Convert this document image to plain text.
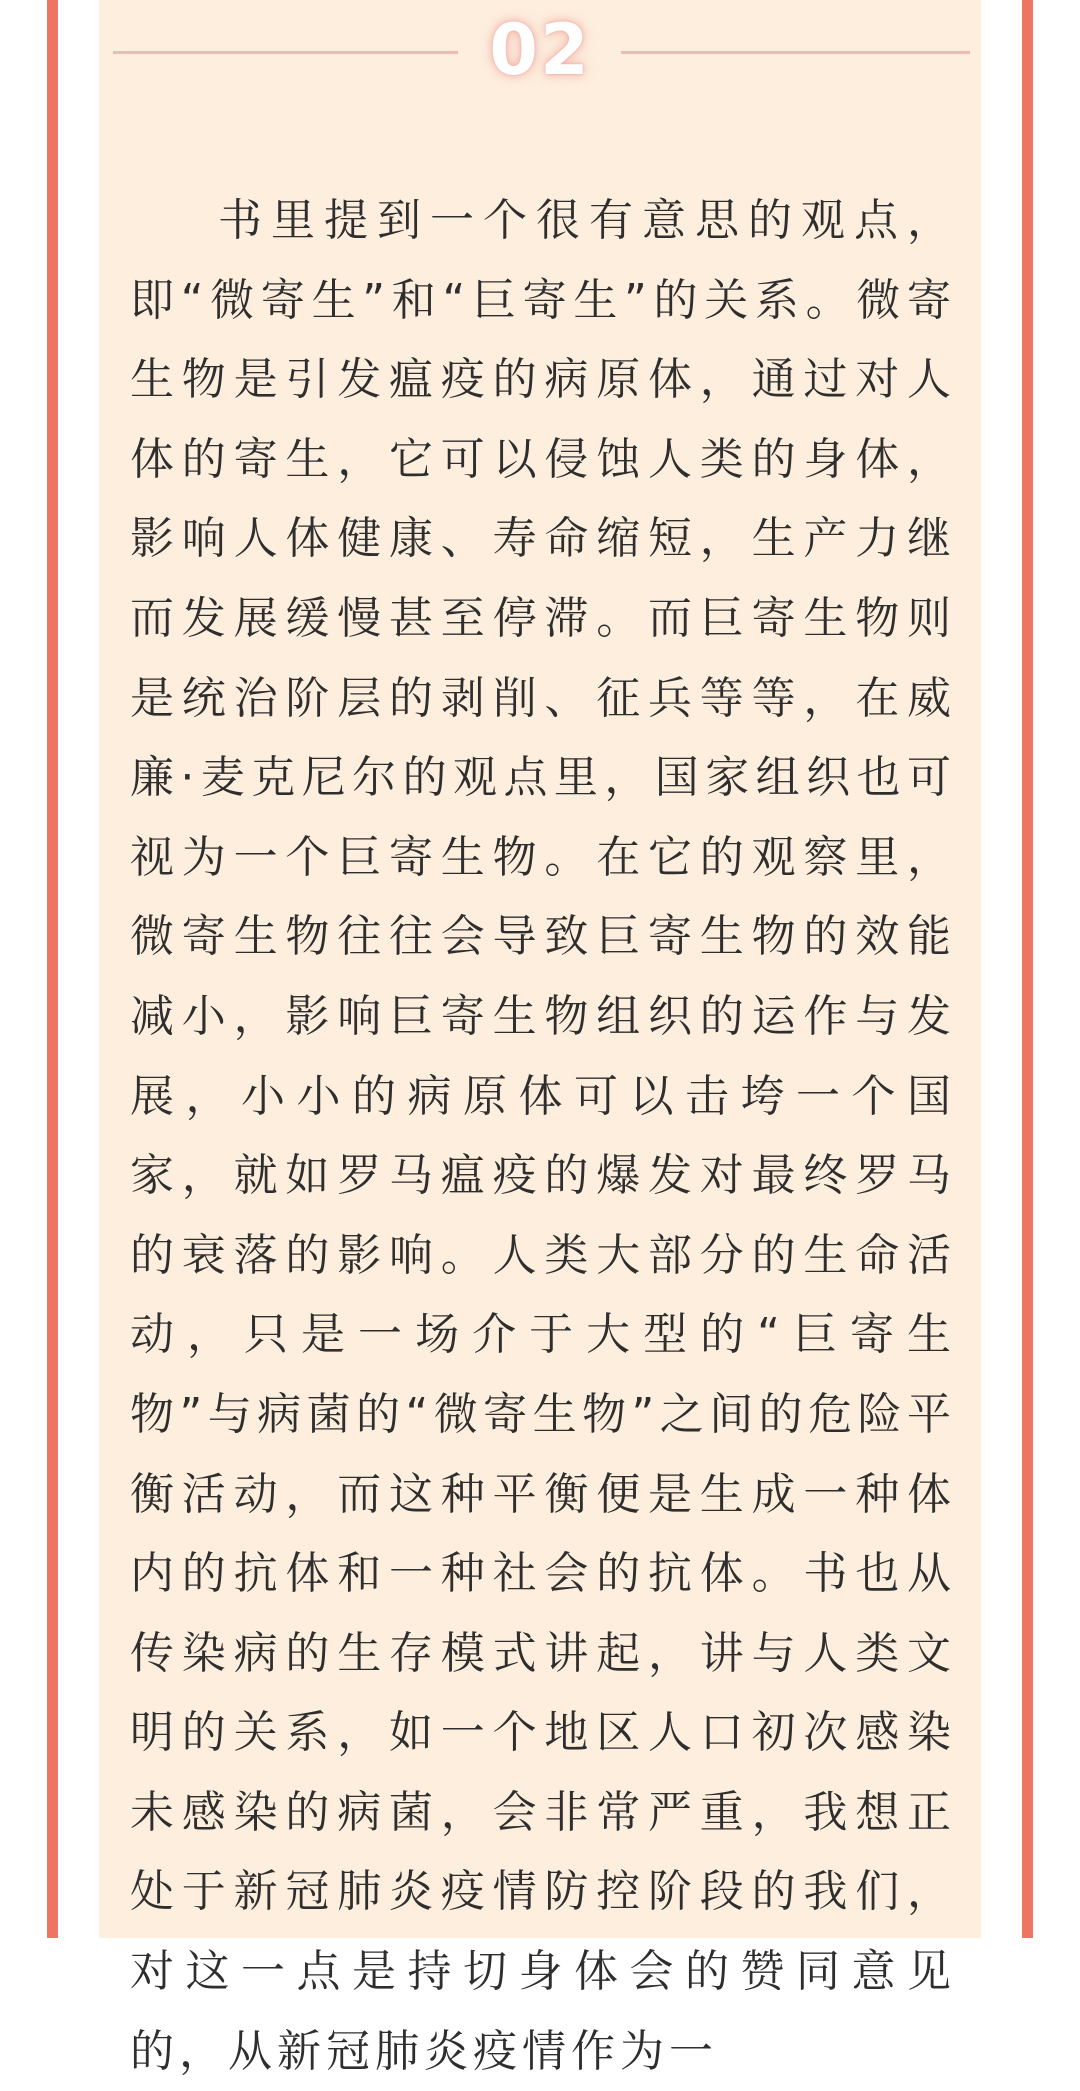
02

书里提到一个很有意思的观点，即“微寄生”和“巨寄生”的关系。微寄生物是引发瘟疫的病原体，通过对人体的寄生，它可以侵蚀人类的身体，影响人体健康、寿命缩短，生产力继而发展缓慢甚至停滞。而巨寄生物则是统治阶层的剥削、征兵等等，在威廉·麦克尼尔的观点里，国家组织也可视为一个巨寄生物。在它的观察里，微寄生物往往会导致巨寄生物的效能减小，影响巨寄生物组织的运作与发展，小小的病原体可以击垮一个国家，就如罗马瘟疫的爆发对最终罗马的衰落的影响。人类大部分的生命活动，只是一场介于大型的“巨寄生物”与病菌的“微寄生物”之间的危险平衡活动，而这种平衡便是生成一种体内的抗体和一种社会的抗体。书也从传染病的生存模式讲起，讲与人类文明的关系，如一个地区人口初次感染未感染的病菌，会非常严重，我想正处于新冠肺炎疫情防控阶段的我们，对这一点是持切身体会的赞同意见的，从新冠肺炎疫情作为一
